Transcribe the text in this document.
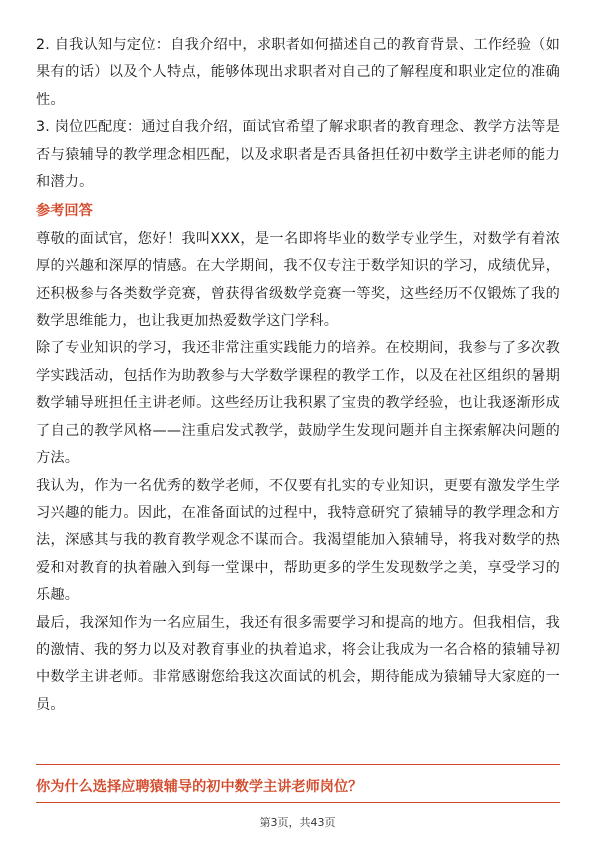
2. 自我认知与定位：自我介绍中，求职者如何描述自己的教育背景、工作经验（如果有的话）以及个人特点，能够体现出求职者对自己的了解程度和职业定位的准确性。

3. 岗位匹配度：通过自我介绍，面试官希望了解求职者的教育理念、教学方法等是否与猿辅导的教学理念相匹配，以及求职者是否具备担任初中数学主讲老师的能力和潜力。

参考回答

尊敬的面试官，您好！我叫XXX，是一名即将毕业的数学专业学生，对数学有着浓厚的兴趣和深厚的情感。在大学期间，我不仅专注于数学知识的学习，成绩优异，还积极参与各类数学竞赛，曾获得省级数学竞赛一等奖，这些经历不仅锻炼了我的数学思维能力，也让我更加热爱数学这门学科。

除了专业知识的学习，我还非常注重实践能力的培养。在校期间，我参与了多次教学实践活动，包括作为助教参与大学数学课程的教学工作，以及在社区组织的暑期数学辅导班担任主讲老师。这些经历让我积累了宝贵的教学经验，也让我逐渐形成了自己的教学风格——注重启发式教学，鼓励学生发现问题并自主探索解决问题的方法。

我认为，作为一名优秀的数学老师，不仅要有扎实的专业知识，更要有激发学生学习兴趣的能力。因此，在准备面试的过程中，我特意研究了猿辅导的教学理念和方法，深感其与我的教育教学观念不谋而合。我渴望能加入猿辅导，将我对数学的热爱和对教育的执着融入到每一堂课中，帮助更多的学生发现数学之美，享受学习的乐趣。

最后，我深知作为一名应届生，我还有很多需要学习和提高的地方。但我相信，我的激情、我的努力以及对教育事业的执着追求，将会让我成为一名合格的猿辅导初中数学主讲老师。非常感谢您给我这次面试的机会，期待能成为猿辅导大家庭的一员。

你为什么选择应聘猿辅导的初中数学主讲老师岗位？

第3页，共43页
